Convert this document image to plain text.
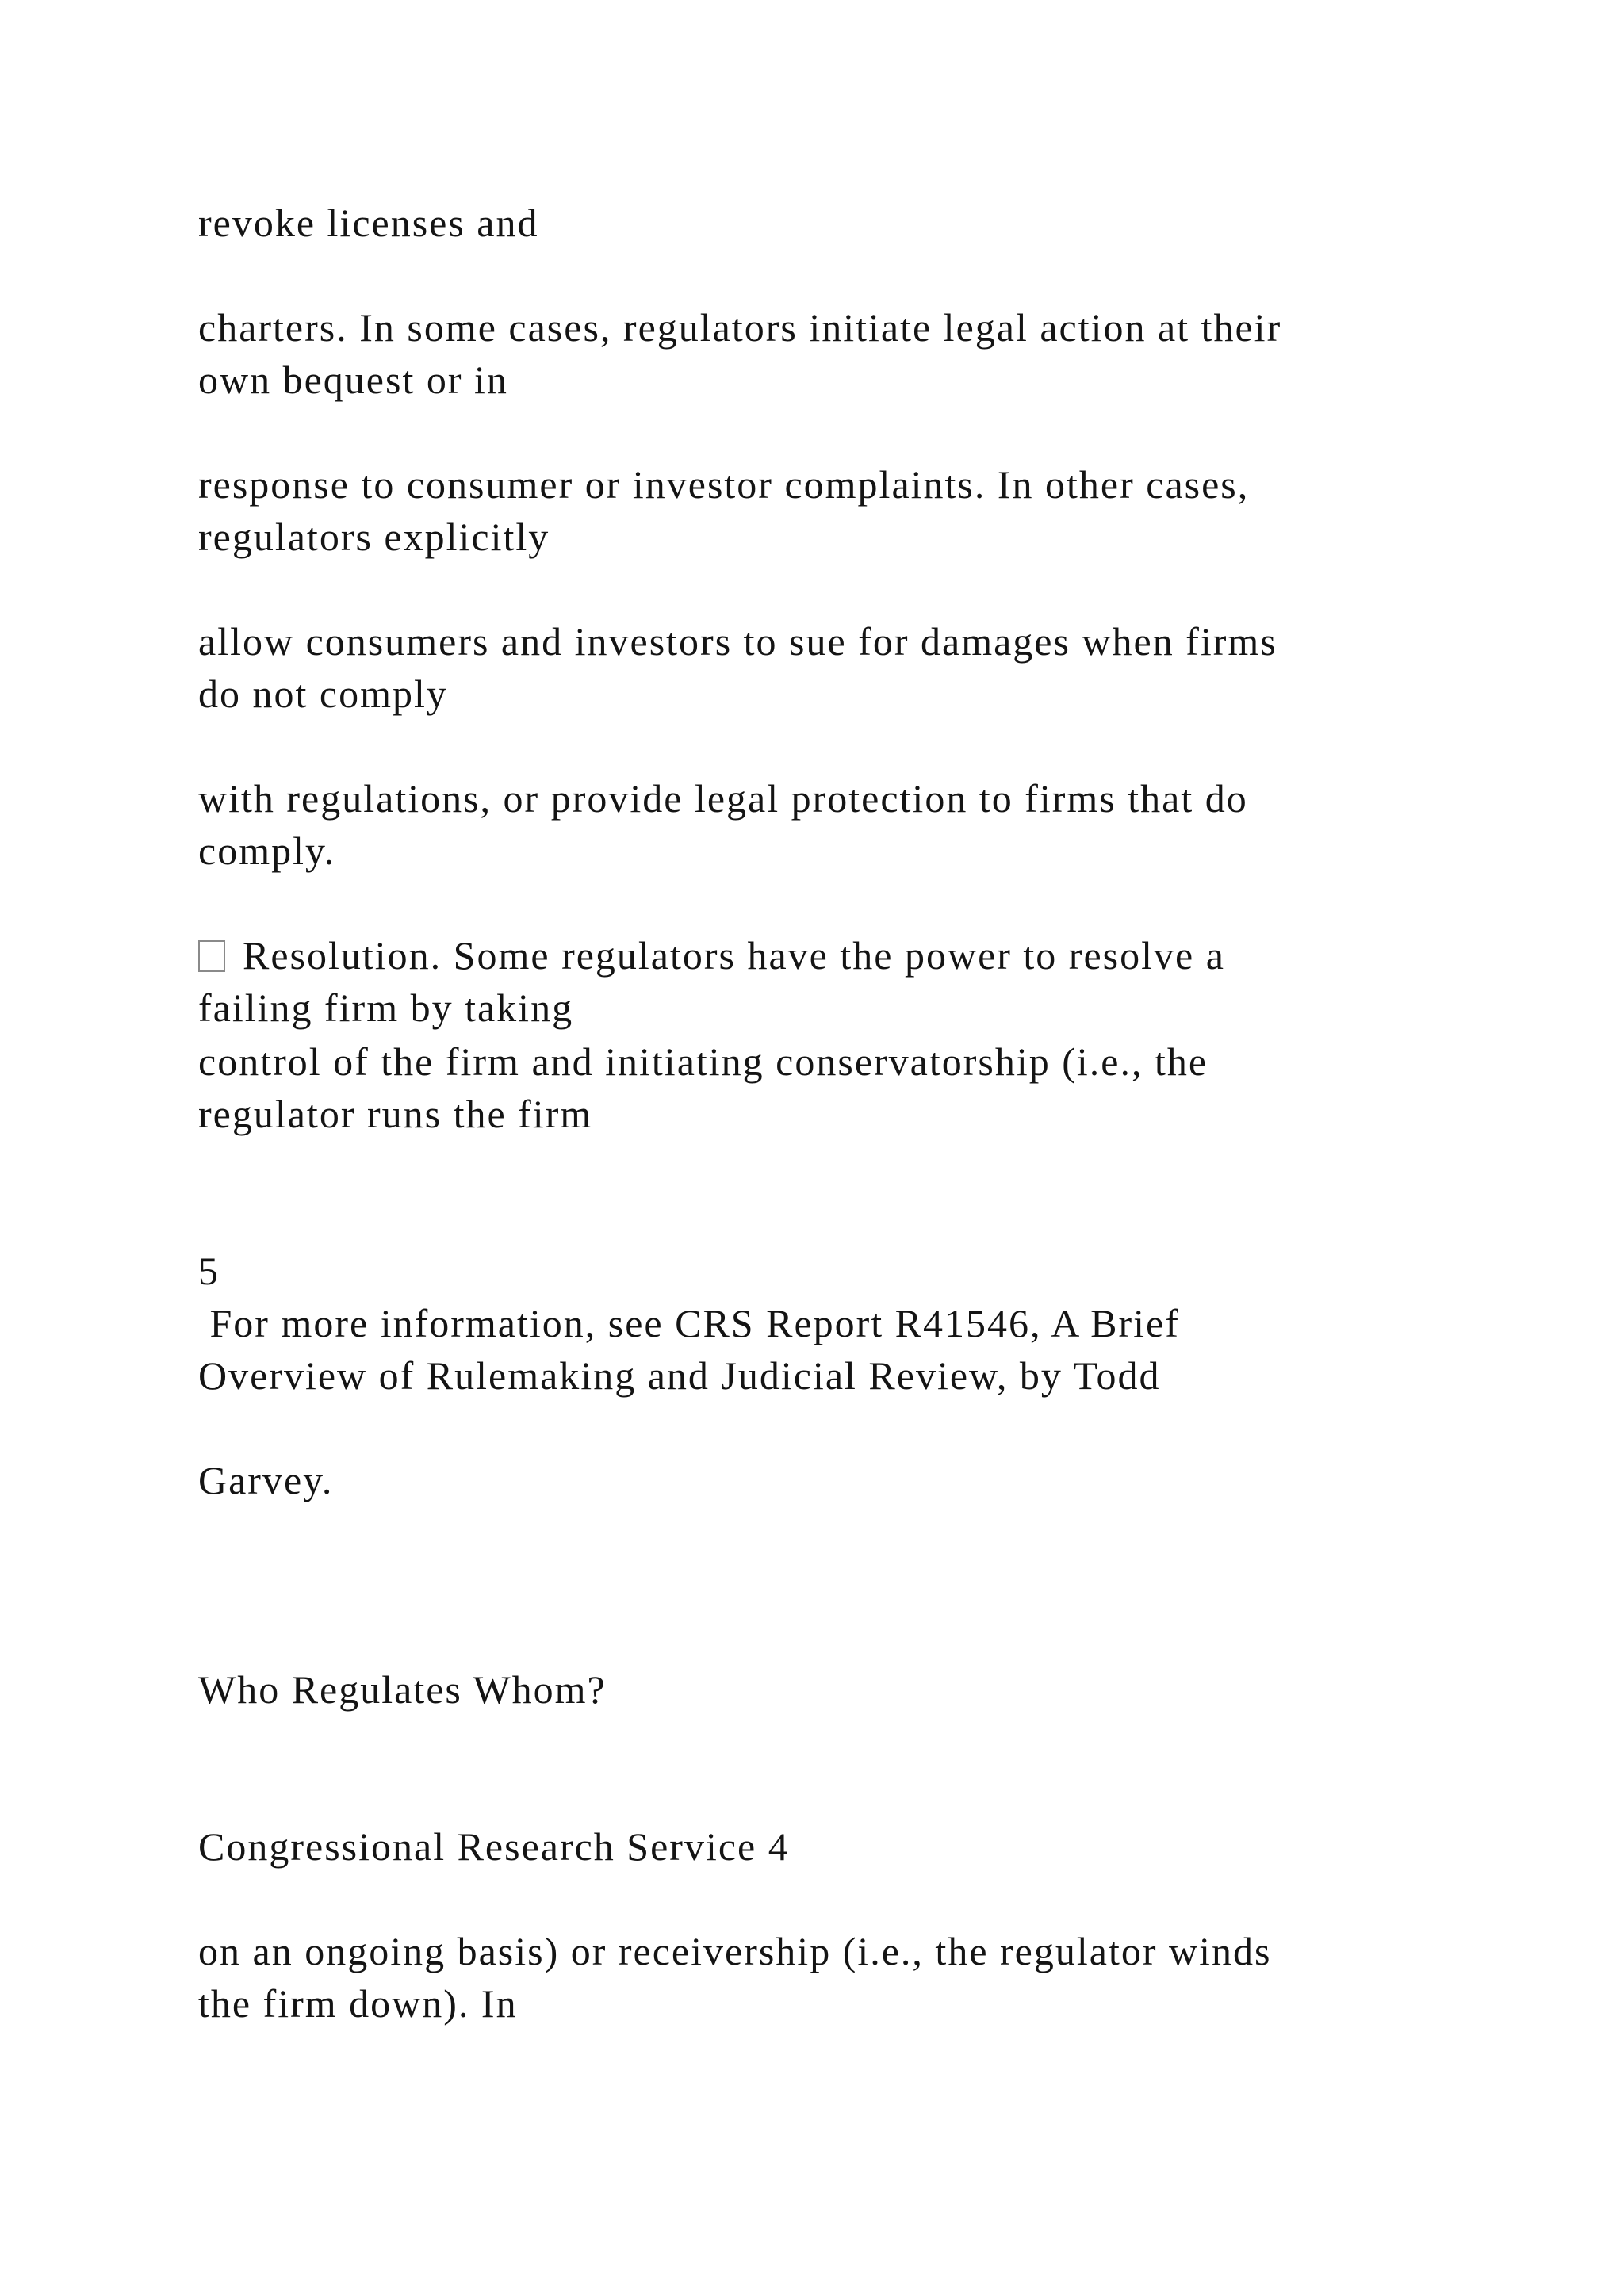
revoke licenses and
charters. In some cases, regulators initiate legal action at their
own bequest or in
response to consumer or investor complaints. In other cases,
regulators explicitly
allow consumers and investors to sue for damages when firms
do not comply
with regulations, or provide legal protection to firms that do
comply.
Resolution. Some regulators have the power to resolve a
failing firm by taking
control of the firm and initiating conservatorship (i.e., the
regulator runs the firm
5
For more information, see CRS Report R41546, A Brief
Overview of Rulemaking and Judicial Review, by Todd
Garvey.
Who Regulates Whom?
Congressional Research Service 4
on an ongoing basis) or receivership (i.e., the regulator winds
the firm down). In
